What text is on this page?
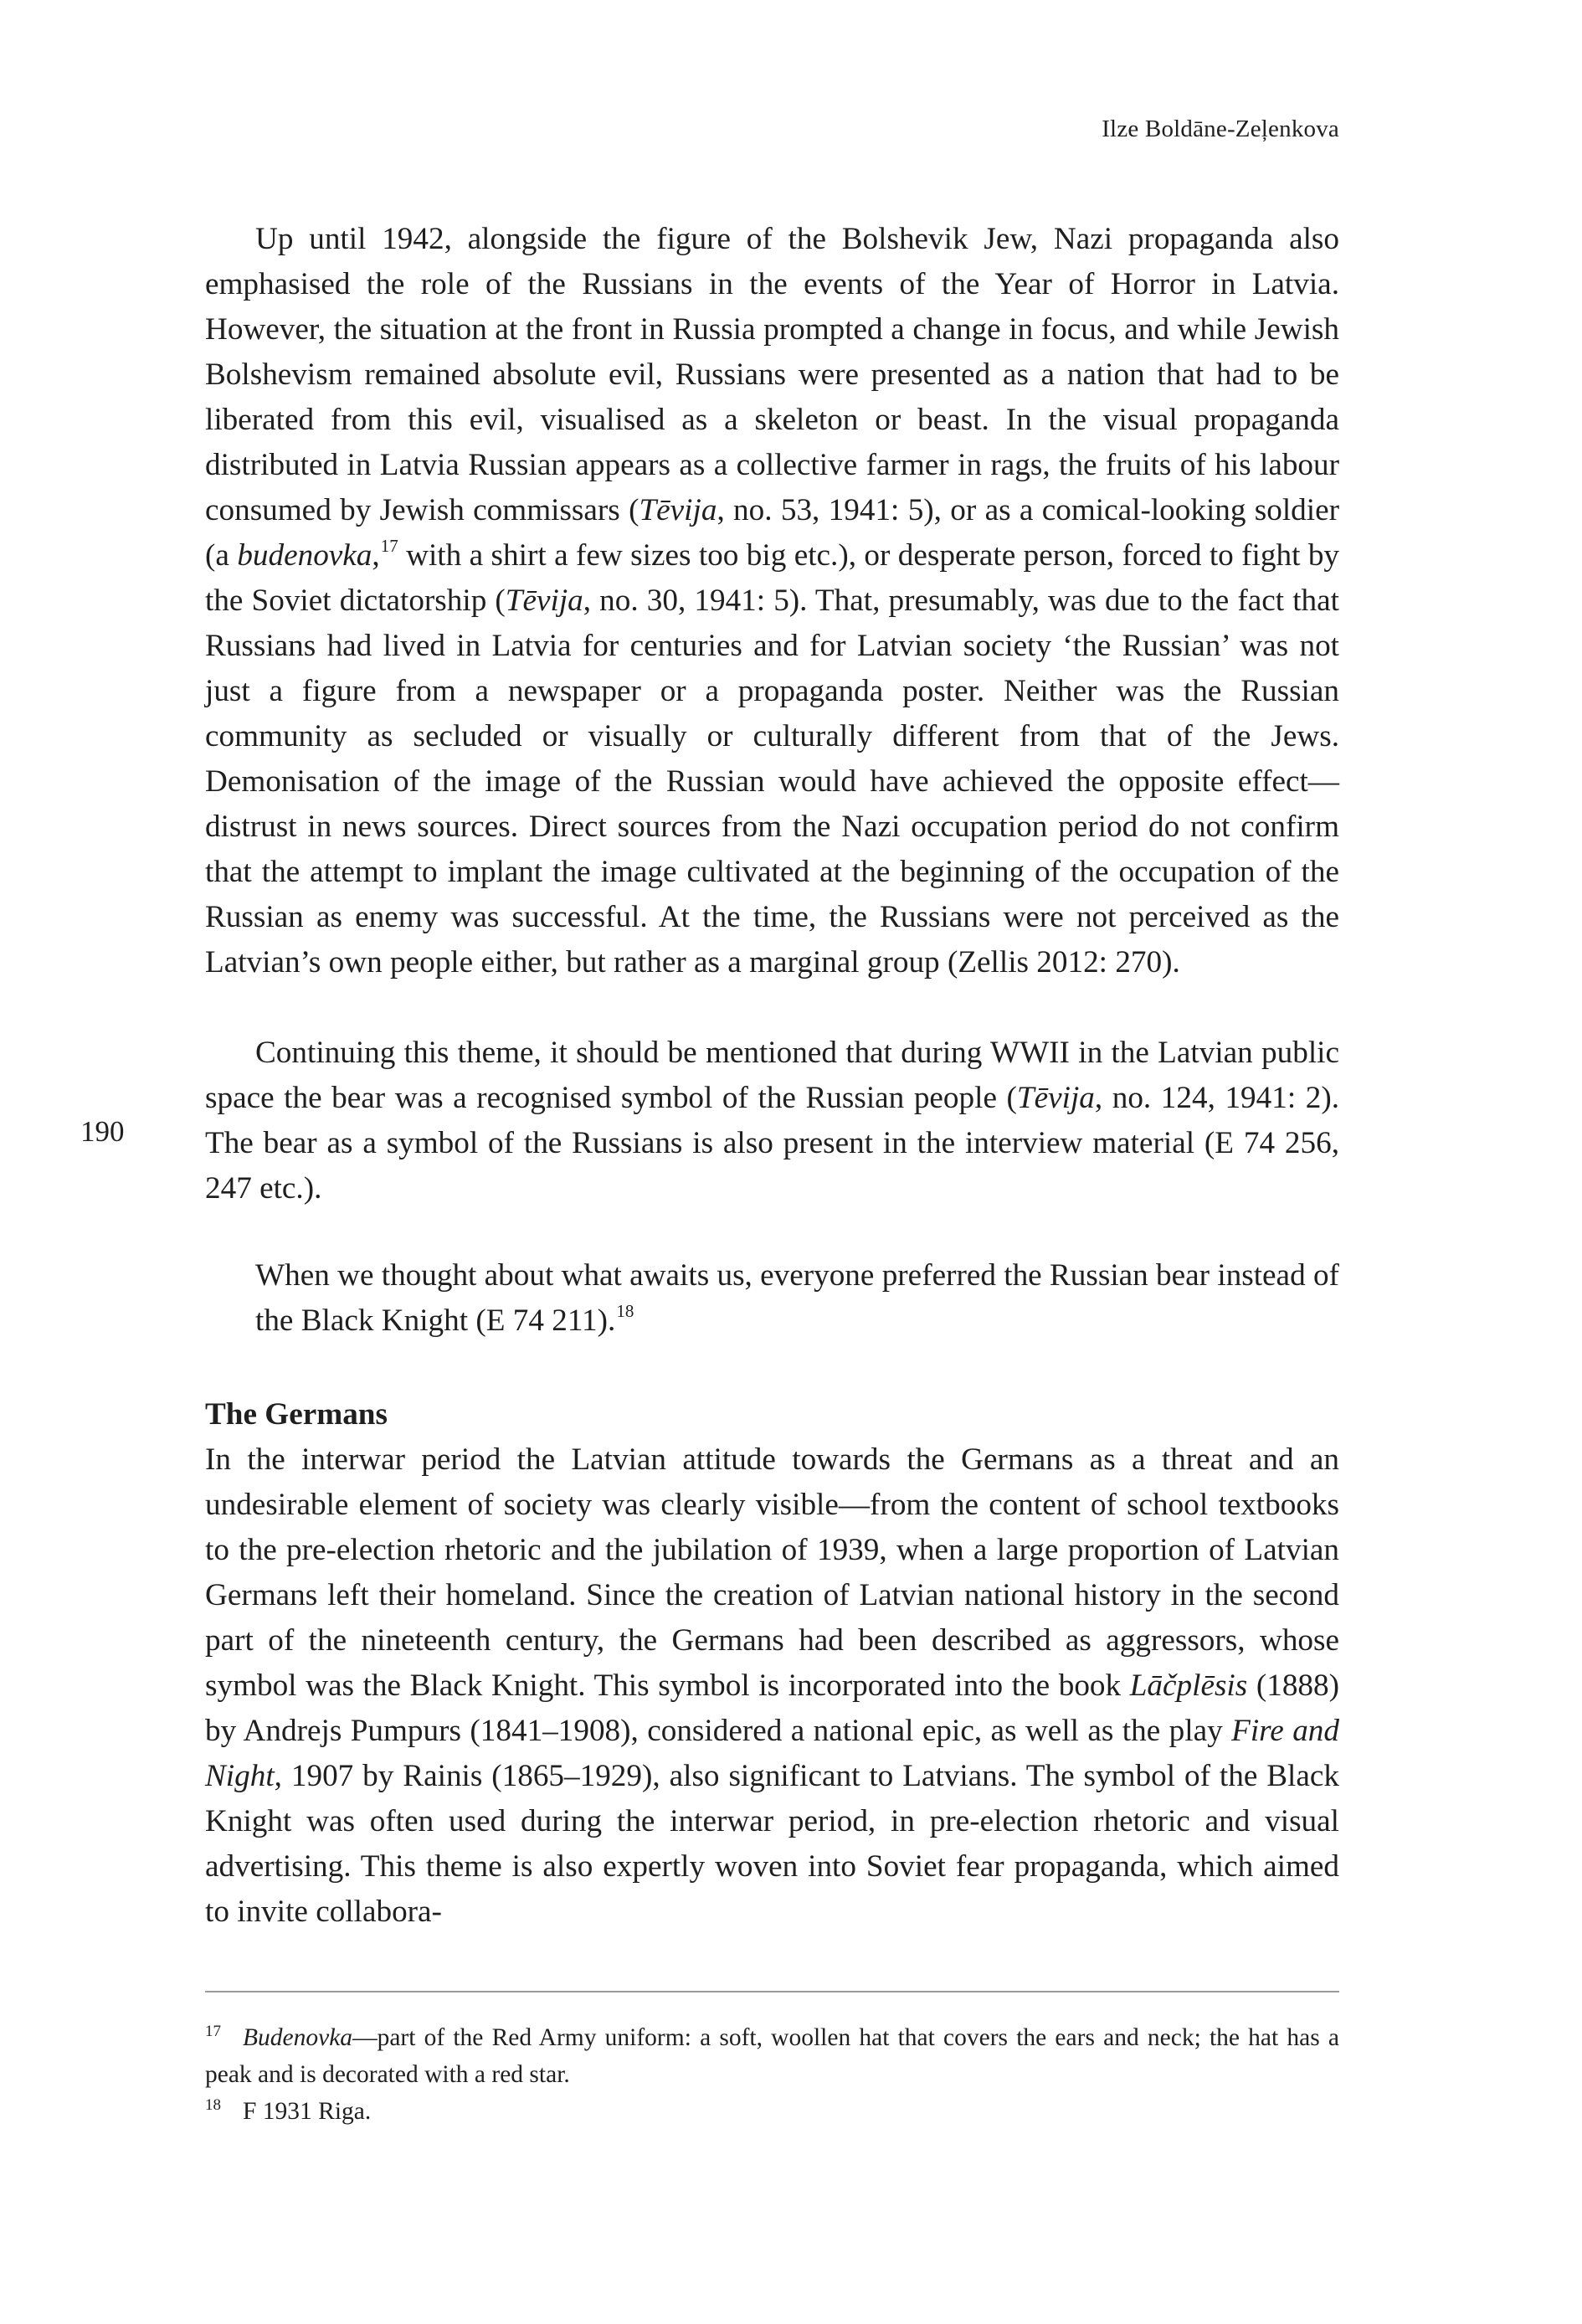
Ilze Boldāne-Zeļenkova
190

Up until 1942, alongside the figure of the Bolshevik Jew, Nazi propaganda also emphasised the role of the Russians in the events of the Year of Horror in Latvia. However, the situation at the front in Russia prompted a change in focus, and while Jewish Bolshevism remained absolute evil, Russians were presented as a nation that had to be liberated from this evil, visualised as a skeleton or beast. In the visual propaganda distributed in Latvia Russian appears as a collective farmer in rags, the fruits of his labour consumed by Jewish commissars (Tēvija, no. 53, 1941: 5), or as a comical-looking soldier (a budenovka,$^{17}$ with a shirt a few sizes too big etc.), or desperate person, forced to fight by the Soviet dictatorship (Tēvija, no. 30, 1941: 5). That, presumably, was due to the fact that Russians had lived in Latvia for centuries and for Latvian society ‘the Russian’ was not just a figure from a newspaper or a propaganda poster. Neither was the Russian community as secluded or visually or culturally different from that of the Jews. Demonisation of the image of the Russian would have achieved the opposite effect—distrust in news sources. Direct sources from the Nazi occupation period do not confirm that the attempt to implant the image cultivated at the beginning of the occupation of the Russian as enemy was successful. At the time, the Russians were not perceived as the Latvian’s own people either, but rather as a marginal group (Zellis 2012: 270).

Continuing this theme, it should be mentioned that during WWII in the Latvian public space the bear was a recognised symbol of the Russian people (Tēvija, no. 124, 1941: 2). The bear as a symbol of the Russians is also present in the interview material (E 74 256, 247 etc.).

When we thought about what awaits us, everyone preferred the Russian bear instead of the Black Knight (E 74 211).$^{18}$

The Germans

In the interwar period the Latvian attitude towards the Germans as a threat and an undesirable element of society was clearly visible—from the content of school textbooks to the pre-election rhetoric and the jubilation of 1939, when a large proportion of Latvian Germans left their homeland. Since the creation of Latvian national history in the second part of the nineteenth century, the Germans had been described as aggressors, whose symbol was the Black Knight. This symbol is incorporated into the book Lāčplēsis (1888) by Andrejs Pumpurs (1841–1908), considered a national epic, as well as the play Fire and Night, 1907 by Rainis (1865–1929), also significant to Latvians. The symbol of the Black Knight was often used during the interwar period, in pre-election rhetoric and visual advertising. This theme is also expertly woven into Soviet fear propaganda, which aimed to invite collabora-

17 Budenovka—part of the Red Army uniform: a soft, woollen hat that covers the ears and neck; the hat has a peak and is decorated with a red star.

18 F 1931 Riga.
